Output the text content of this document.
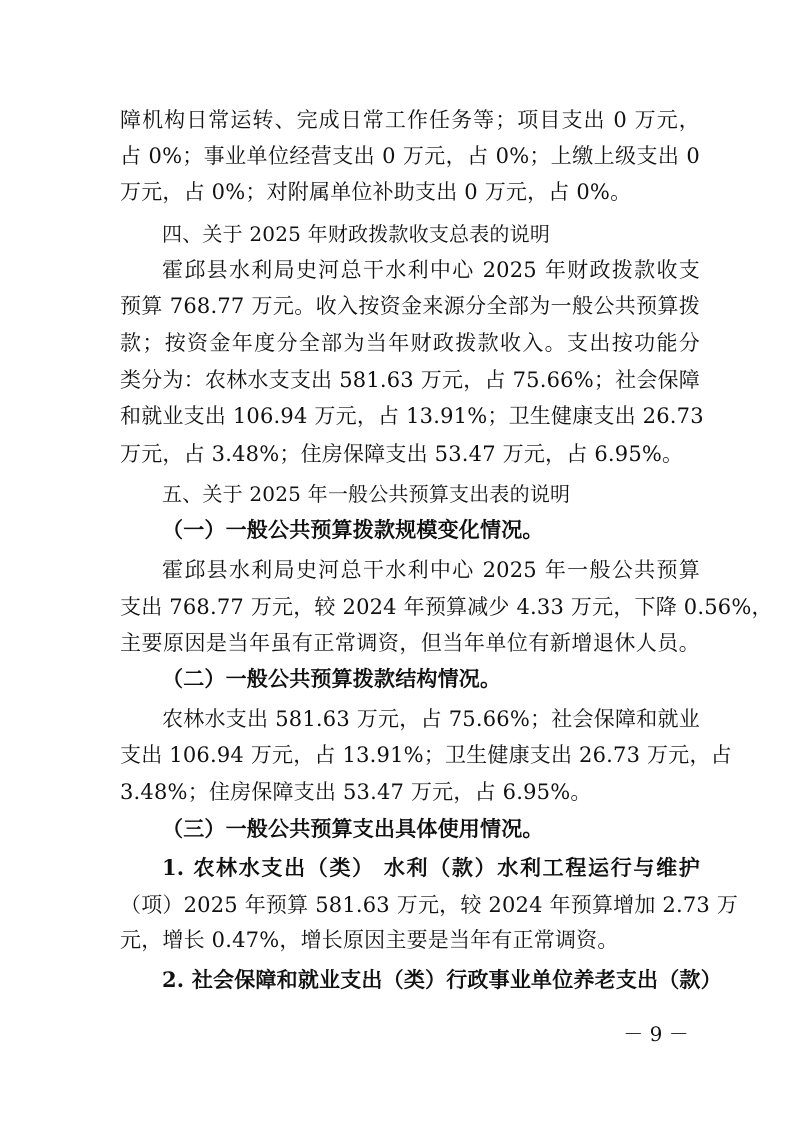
障机构日常运转、完成日常工作任务等；项目支出 0 万元，
占 0%；事业单位经营支出 0 万元，占 0%；上缴上级支出 0
万元，占 0%；对附属单位补助支出 0 万元，占 0%。
四、关于 2025 年财政拨款收支总表的说明
霍邱县水利局史河总干水利中心 2025 年财政拨款收支
预算 768.77 万元。收入按资金来源分全部为一般公共预算拨
款；按资金年度分全部为当年财政拨款收入。支出按功能分
类分为：农林水支支出 581.63 万元，占 75.66%；社会保障
和就业支出 106.94 万元，占 13.91%；卫生健康支出 26.73
万元，占 3.48%；住房保障支出 53.47 万元，占 6.95%。
五、关于 2025 年一般公共预算支出表的说明
（一）一般公共预算拨款规模变化情况。
霍邱县水利局史河总干水利中心 2025 年一般公共预算
支出 768.77 万元，较 2024 年预算减少 4.33 万元，下降 0.56%，
主要原因是当年虽有正常调资，但当年单位有新增退休人员。
（二）一般公共预算拨款结构情况。
农林水支出 581.63 万元，占 75.66%；社会保障和就业
支出 106.94 万元，占 13.91%；卫生健康支出 26.73 万元，占
3.48%；住房保障支出 53.47 万元，占 6.95%。
（三）一般公共预算支出具体使用情况。
1. 农林水支出（类） 水利（款）水利工程运行与维护
（项）2025 年预算 581.63 万元，较 2024 年预算增加 2.73 万
元，增长 0.47%，增长原因主要是当年有正常调资。
2. 社会保障和就业支出（类）行政事业单位养老支出（款）
－ 9 －
